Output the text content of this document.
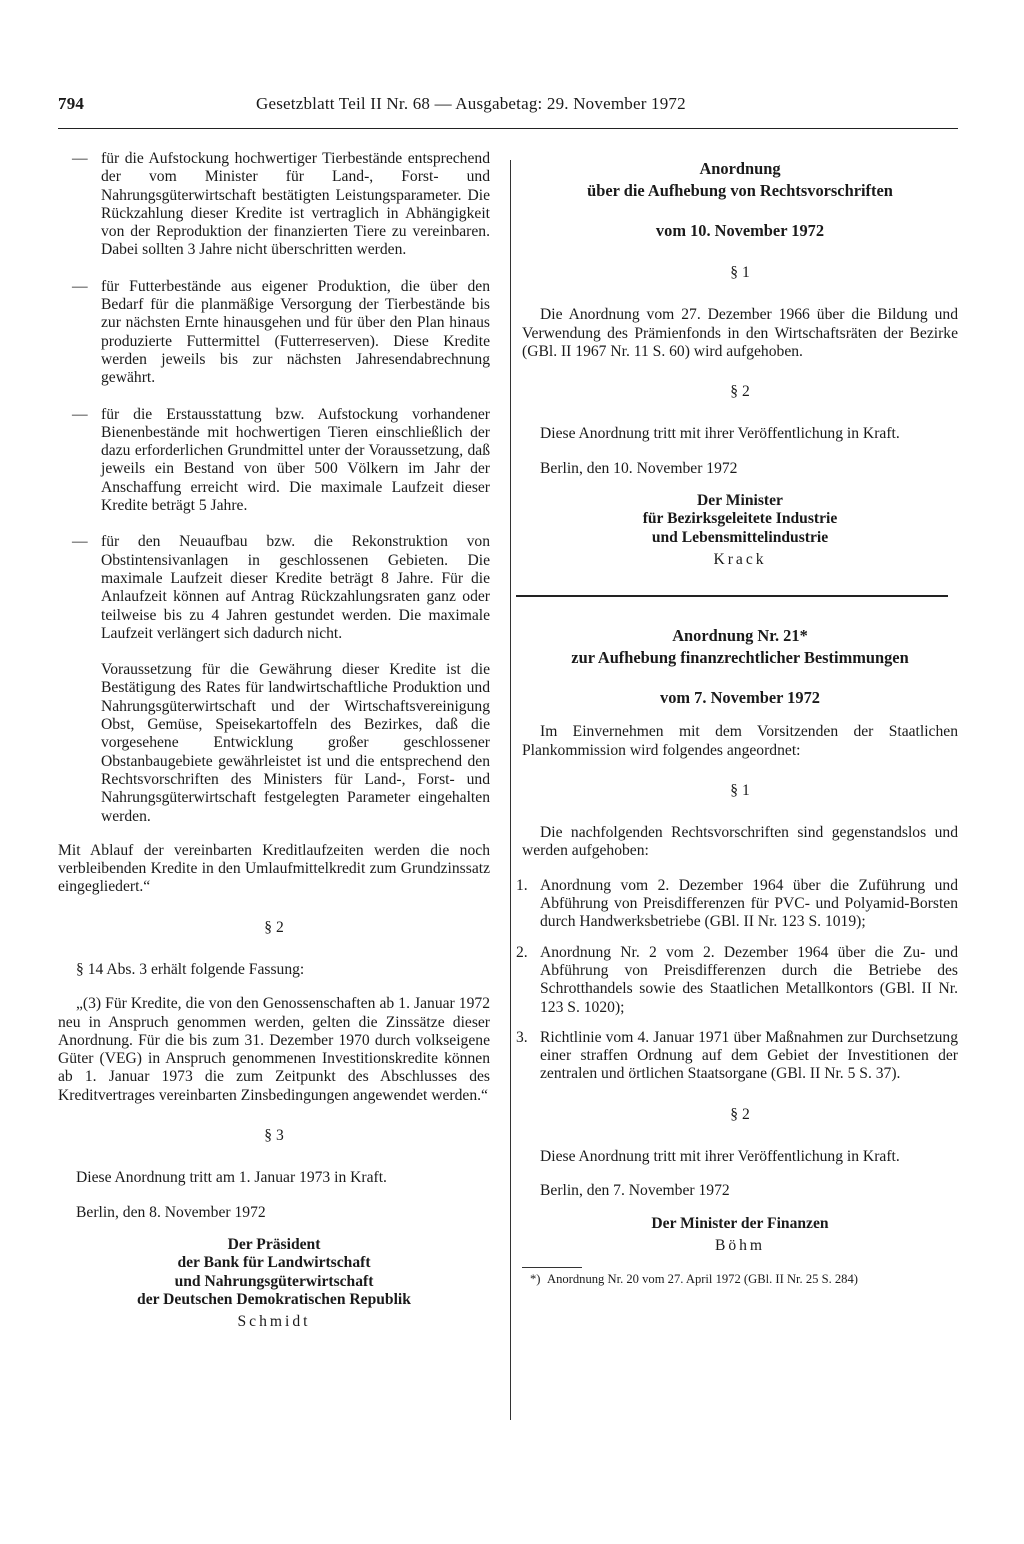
794	Gesetzblatt Teil II Nr. 68 — Ausgabetag: 29. November 1972
— für die Aufstockung hochwertiger Tierbestände entsprechend der vom Minister für Land-, Forst- und Nahrungsgüterwirtschaft bestätigten Leistungsparameter. Die Rückzahlung dieser Kredite ist vertraglich in Abhängigkeit von der Reproduktion der finanzierten Tiere zu vereinbaren. Dabei sollten 3 Jahre nicht überschritten werden.
— für Futterbestände aus eigener Produktion, die über den Bedarf für die planmäßige Versorgung der Tierbestände bis zur nächsten Ernte hinausgehen und für über den Plan hinaus produzierte Futtermittel (Futterreserven). Diese Kredite werden jeweils bis zur nächsten Jahresendabrechnung gewährt.
— für die Erstausstattung bzw. Aufstockung vorhandener Bienenbestände mit hochwertigen Tieren einschließlich der dazu erforderlichen Grundmittel unter der Voraussetzung, daß jeweils ein Bestand von über 500 Völkern im Jahr der Anschaffung erreicht wird. Die maximale Laufzeit dieser Kredite beträgt 5 Jahre.
— für den Neuaufbau bzw. die Rekonstruktion von Obstintensivanlagen in geschlossenen Gebieten. Die maximale Laufzeit dieser Kredite beträgt 8 Jahre. Für die Anlaufzeit können auf Antrag Rückzahlungsraten ganz oder teilweise bis zu 4 Jahren gestundet werden. Die maximale Laufzeit verlängert sich dadurch nicht.

Voraussetzung für die Gewährung dieser Kredite ist die Bestätigung des Rates für landwirtschaftliche Produktion und Nahrungsgüterwirtschaft und der Wirtschaftsvereinigung Obst, Gemüse, Speisekartoffeln des Bezirkes, daß die vorgesehene Entwicklung großer geschlossener Obstanbaugebiete gewährleistet ist und die entsprechend den Rechtsvorschriften des Ministers für Land-, Forst- und Nahrungsgüterwirtschaft festgelegten Parameter eingehalten werden.

Mit Ablauf der vereinbarten Kreditlaufzeiten werden die noch verbleibenden Kredite in den Umlaufmittelkredit zum Grundzinssatz eingegliedert.“

§ 2

§ 14 Abs. 3 erhält folgende Fassung:

„(3) Für Kredite, die von den Genossenschaften ab 1. Januar 1972 neu in Anspruch genommen werden, gelten die Zinssätze dieser Anordnung. Für die bis zum 31. Dezember 1970 durch volkseigene Güter (VEG) in Anspruch genommenen Investitionskredite können ab 1. Januar 1973 die zum Zeitpunkt des Abschlusses des Kreditvertrages vereinbarten Zinsbedingungen angewendet werden.“

§ 3

Diese Anordnung tritt am 1. Januar 1973 in Kraft.

Berlin, den 8. November 1972

Der Präsident
der Bank für Landwirtschaft
und Nahrungsgüterwirtschaft
der Deutschen Demokratischen Republik
Schmidt
Anordnung
über die Aufhebung von Rechtsvorschriften
vom 10. November 1972
§ 1

Die Anordnung vom 27. Dezember 1966 über die Bildung und Verwendung des Prämienfonds in den Wirtschaftsräten der Bezirke (GBl. II 1967 Nr. 11 S. 60) wird aufgehoben.

§ 2

Diese Anordnung tritt mit ihrer Veröffentlichung in Kraft.

Berlin, den 10. November 1972

Der Minister
für Bezirksgeleitete Industrie
und Lebensmittelindustrie
Krack
Anordnung Nr. 21*
zur Aufhebung finanzrechtlicher Bestimmungen
vom 7. November 1972

Im Einvernehmen mit dem Vorsitzenden der Staatlichen Plankommission wird folgendes angeordnet:

§ 1

Die nachfolgenden Rechtsvorschriften sind gegenstandslos und werden aufgehoben:

1. Anordnung vom 2. Dezember 1964 über die Zuführung und Abführung von Preisdifferenzen für PVC- und Polyamid-Borsten durch Handwerksbetriebe (GBl. II Nr. 123 S. 1019);
2. Anordnung Nr. 2 vom 2. Dezember 1964 über die Zu- und Abführung von Preisdifferenzen durch die Betriebe des Schrotthandels sowie des Staatlichen Metallkontors (GBl. II Nr. 123 S. 1020);
3. Richtlinie vom 4. Januar 1971 über Maßnahmen zur Durchsetzung einer straffen Ordnung auf dem Gebiet der Investitionen der zentralen und örtlichen Staatsorgane (GBl. II Nr. 5 S. 37).
§ 2

Diese Anordnung tritt mit ihrer Veröffentlichung in Kraft.

Berlin, den 7. November 1972

Der Minister der Finanzen
Böhm
*) Anordnung Nr. 20 vom 27. April 1972 (GBl. II Nr. 25 S. 284)
